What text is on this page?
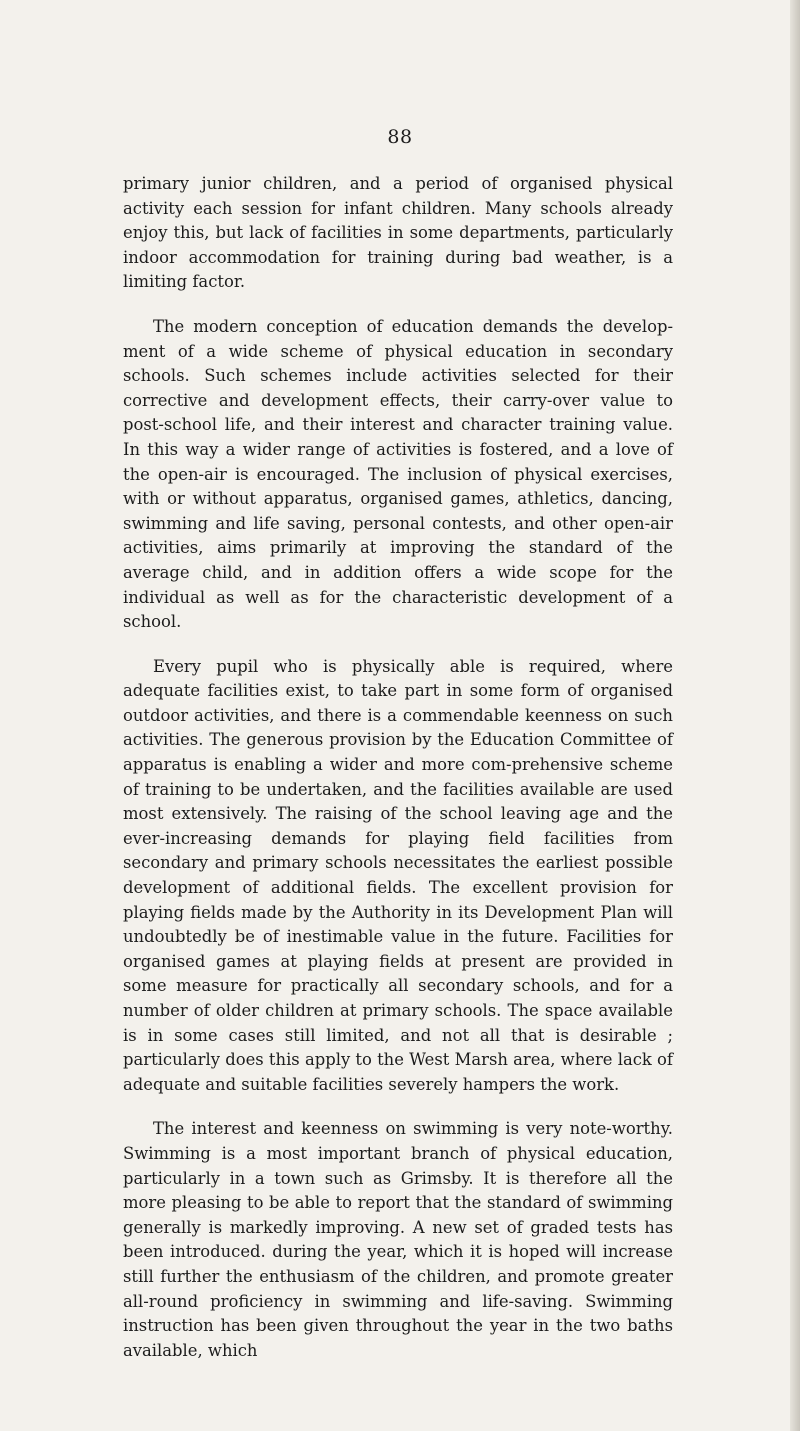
88

primary junior children, and a period of organised physical activity each session for infant children. Many schools already enjoy this, but lack of facilities in some departments, particularly indoor accommodation for training during bad weather, is a limiting factor.

The modern conception of education demands the develop-ment of a wide scheme of physical education in secondary schools. Such schemes include activities selected for their corrective and development effects, their carry-over value to post-school life, and their interest and character training value. In this way a wider range of activities is fostered, and a love of the open-air is encouraged. The inclusion of physical exercises, with or without apparatus, organised games, athletics, dancing, swimming and life saving, personal contests, and other open-air activities, aims primarily at improving the standard of the average child, and in addition offers a wide scope for the individual as well as for the characteristic development of a school.

Every pupil who is physically able is required, where adequate facilities exist, to take part in some form of organised outdoor activities, and there is a commendable keenness on such activities. The generous provision by the Education Committee of apparatus is enabling a wider and more com-prehensive scheme of training to be undertaken, and the facilities available are used most extensively. The raising of the school leaving age and the ever-increasing demands for playing field facilities from secondary and primary schools necessitates the earliest possible development of additional fields. The excellent provision for playing fields made by the Authority in its Development Plan will undoubtedly be of inestimable value in the future. Facilities for organised games at playing fields at present are provided in some measure for practically all secondary schools, and for a number of older children at primary schools. The space available is in some cases still limited, and not all that is desirable ; particularly does this apply to the West Marsh area, where lack of adequate and suitable facilities severely hampers the work.

The interest and keenness on swimming is very note-worthy. Swimming is a most important branch of physical education, particularly in a town such as Grimsby. It is therefore all the more pleasing to be able to report that the standard of swimming generally is markedly improving. A new set of graded tests has been introduced. during the year, which it is hoped will increase still further the enthusiasm of the children, and promote greater all-round proficiency in swimming and life-saving. Swimming instruction has been given throughout the year in the two baths available, which
